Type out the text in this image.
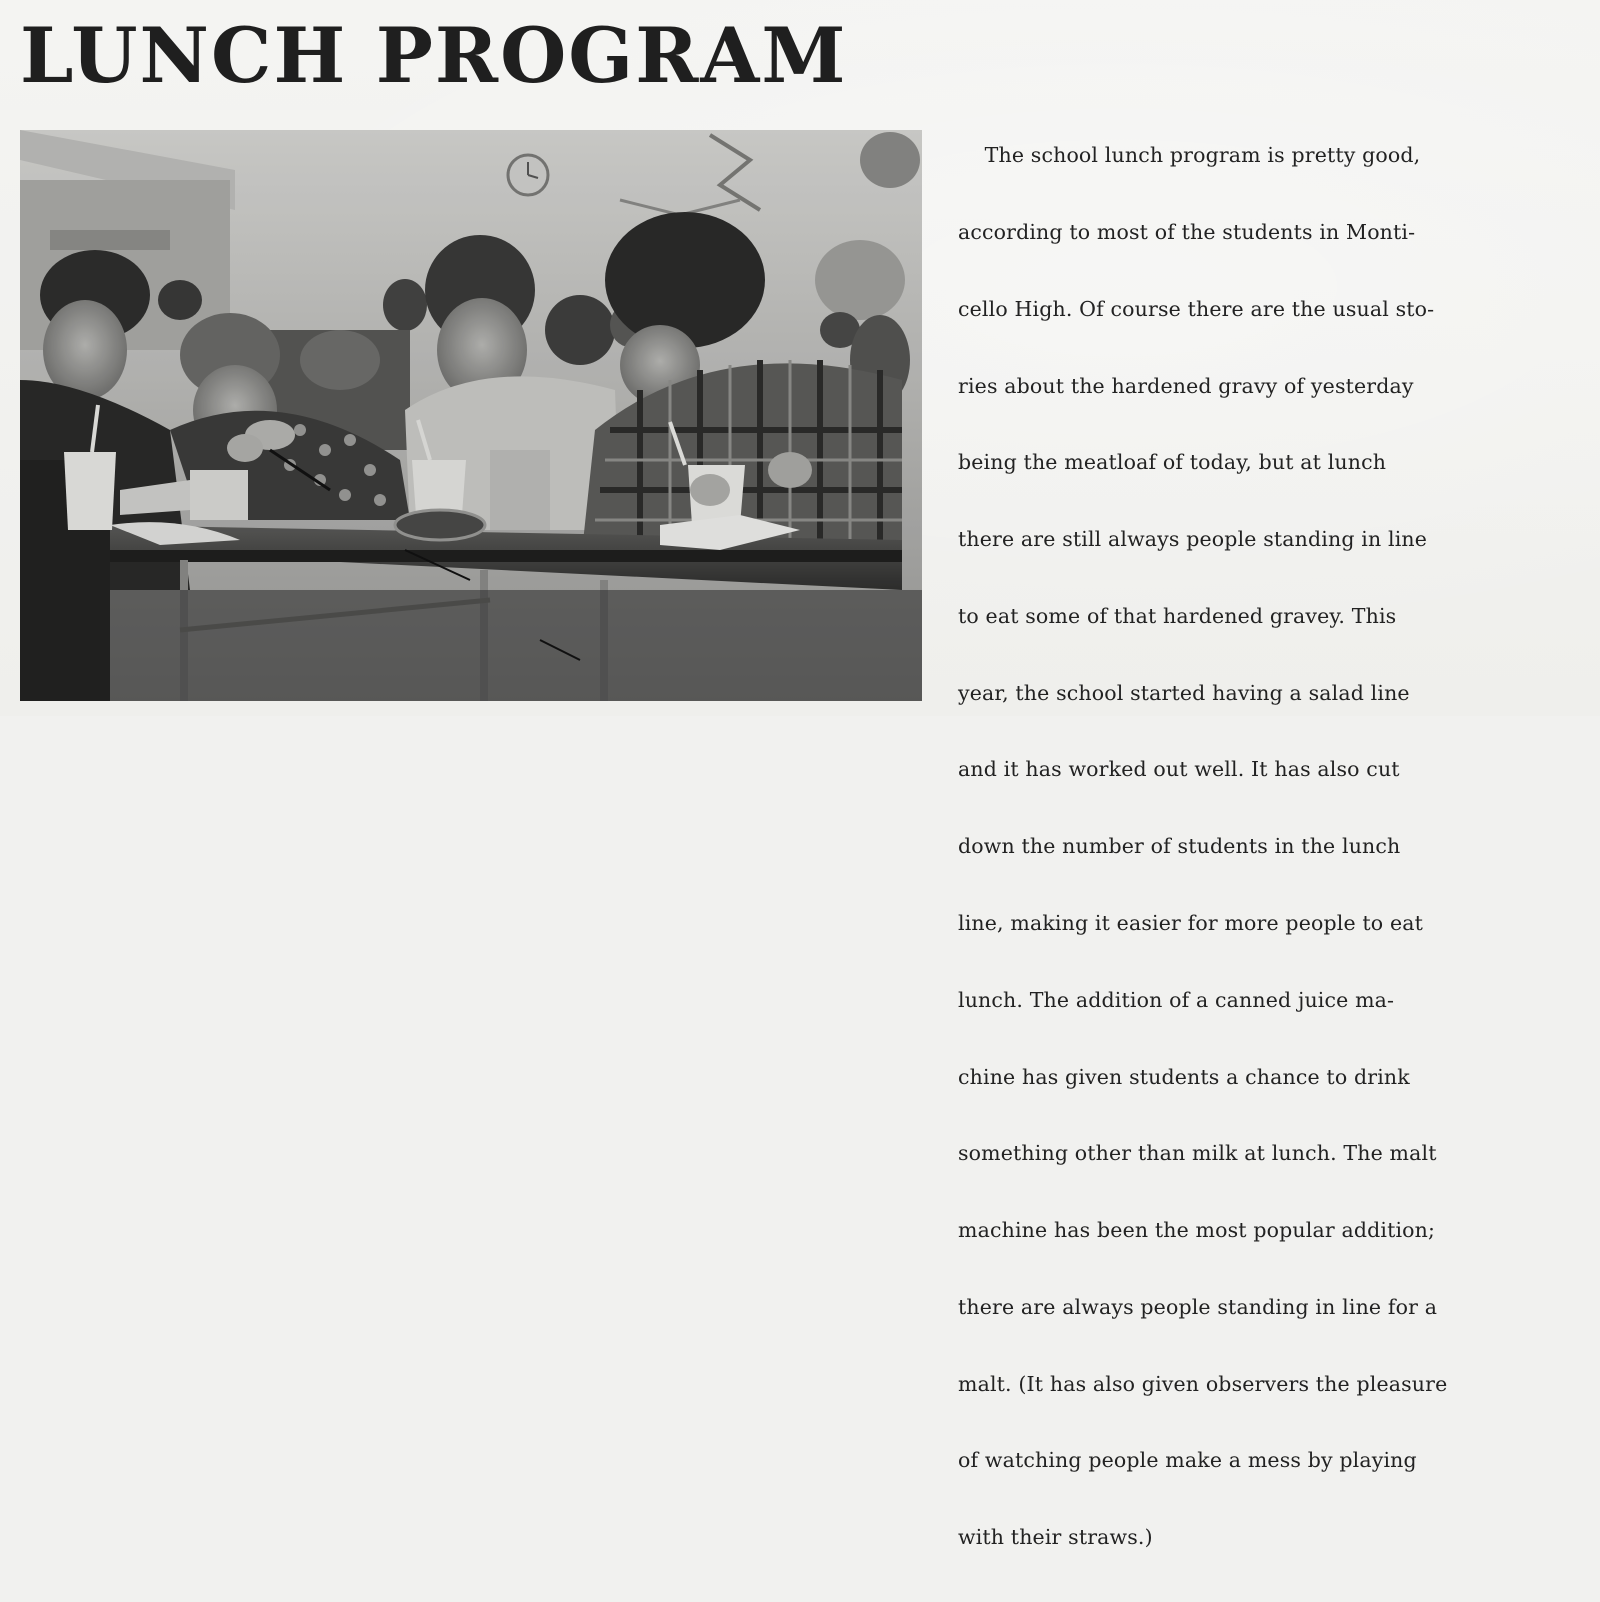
LUNCH PROGRAM

The school lunch program is pretty good,

according to most of the students in Monti-

cello High. Of course there are the usual sto-

ries about the hardened gravy of yesterday

being the meatloaf of today, but at lunch

there are still always people standing in line

to eat some of that hardened gravey. This

year, the school started having a salad line

and it has worked out well. It has also cut

down the number of students in the lunch

line, making it easier for more people to eat

lunch. The addition of a canned juice ma-

chine has given students a chance to drink

something other than milk at lunch. The malt

machine has been the most popular addition;

there are always people standing in line for a

malt. (It has also given observers the pleasure

of watching people make a mess by playing

with their straws.)
